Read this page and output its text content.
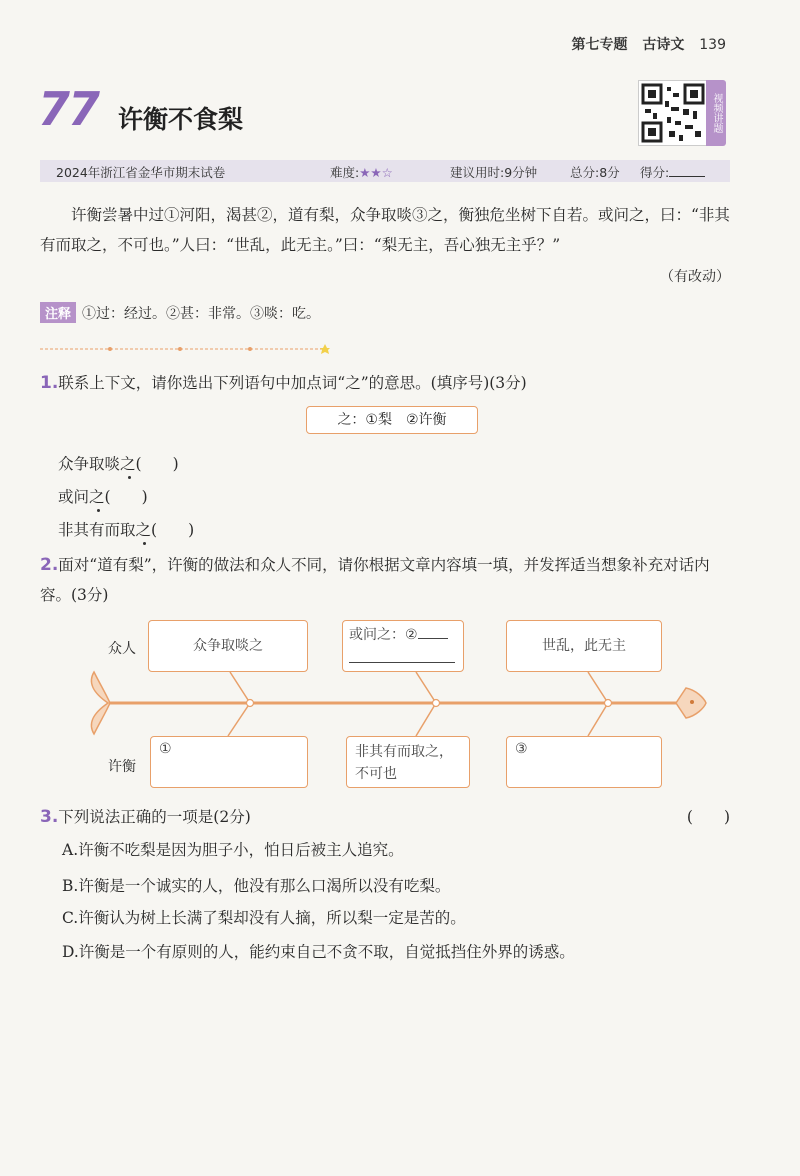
第七专题 古诗文 139
77 许衡不食梨	视频讲题
2024年浙江省金华市期末试卷	难度:★★☆	建议用时:9分钟	总分:8分 得分:
许衡尝暑中过①河阳，渴甚②，道有梨，众争取啖③之，衡独危坐树下自若。或问之，曰：“非其有而取之，不可也。”人曰：“世乱，此无主。”曰：“梨无主，吾心独无主乎？”
（有改动）
注释 ①过：经过。②甚：非常。③啖：吃。
1.联系上下文，请你选出下列语句中加点词“之”的意思。(填序号)(3分)
之：①梨　②许衡
众争取啖之(　　)
或问之(　　)
非其有而取之(　　)
2.面对“道有梨”，许衡的做法和众人不同，请你根据文章内容填一填，并发挥适当想象补充对话内容。(3分)
众人
许衡
众争取啖之
或问之：②

世乱，此无主
①	非其有而取之，不可也
③
3.下列说法正确的一项是(2分)	(　　)
A.许衡不吃梨是因为胆子小，怕日后被主人追究。
B.许衡是一个诚实的人，他没有那么口渴所以没有吃梨。
C.许衡认为树上长满了梨却没有人摘，所以梨一定是苦的。
D.许衡是一个有原则的人，能约束自己不贪不取，自觉抵挡住外界的诱惑。
